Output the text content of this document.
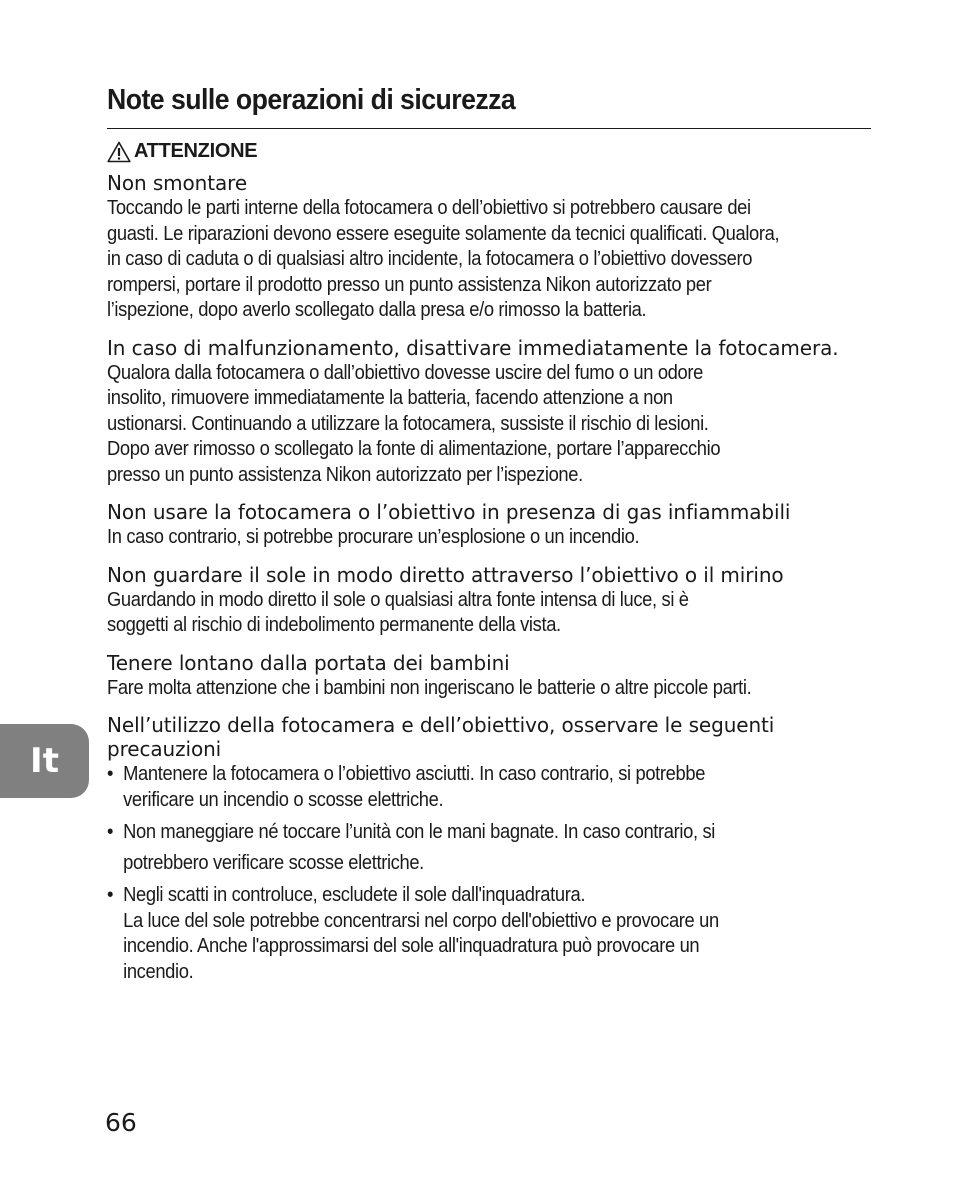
Note sulle operazioni di sicurezza
ATTENZIONE
Non smontare

Toccando le parti interne della fotocamera o dell’obiettivo si potrebbero causare dei
guasti. Le riparazioni devono essere eseguite solamente da tecnici qualificati. Qualora,
in caso di caduta o di qualsiasi altro incidente, la fotocamera o l’obiettivo dovessero
rompersi, portare il prodotto presso un punto assistenza Nikon autorizzato per
l’ispezione, dopo averlo scollegato dalla presa e/o rimosso la batteria.

In caso di malfunzionamento, disattivare immediatamente la fotocamera.

Qualora dalla fotocamera o dall’obiettivo dovesse uscire del fumo o un odore
insolito, rimuovere immediatamente la batteria, facendo attenzione a non
ustionarsi. Continuando a utilizzare la fotocamera, sussiste il rischio di lesioni.
Dopo aver rimosso o scollegato la fonte di alimentazione, portare l’apparecchio
presso un punto assistenza Nikon autorizzato per l’ispezione.

Non usare la fotocamera o l’obiettivo in presenza di gas infiammabili

In caso contrario, si potrebbe procurare un’esplosione o un incendio.

Non guardare il sole in modo diretto attraverso l’obiettivo o il mirino

Guardando in modo diretto il sole o qualsiasi altra fonte intensa di luce, si è
soggetti al rischio di indebolimento permanente della vista.

Tenere lontano dalla portata dei bambini

Fare molta attenzione che i bambini non ingeriscano le batterie o altre piccole parti.

Nell’utilizzo della fotocamera e dell’obiettivo, osservare le seguenti precauzioni
• Mantenere la fotocamera o l’obiettivo asciutti. In caso contrario, si potrebbe
verificare un incendio o scosse elettriche.
• Non maneggiare né toccare l’unità con le mani bagnate. In caso contrario, si
potrebbero verificare scosse elettriche.
• Negli scatti in controluce, escludete il sole dall'inquadratura.
La luce del sole potrebbe concentrarsi nel corpo dell'obiettivo e provocare un
incendio. Anche l'approssimarsi del sole all'inquadratura può provocare un
incendio.
It
66
